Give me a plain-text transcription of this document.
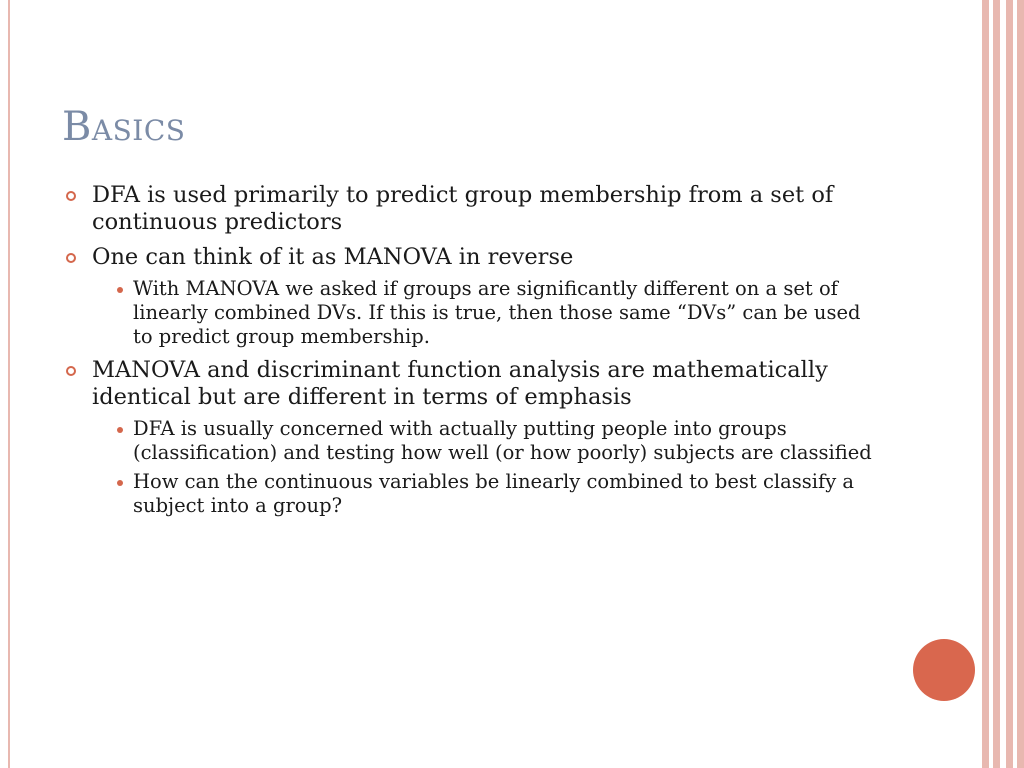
Basics
DFA is used primarily to predict group membership from a set of continuous predictors
One can think of it as MANOVA in reverse
With MANOVA we asked if groups are significantly different on a set of linearly combined DVs. If this is true, then those same “DVs” can be used to predict group membership.
MANOVA and discriminant function analysis are mathematically identical but are different in terms of emphasis
DFA is usually concerned with actually putting people into groups (classification) and testing how well (or how poorly) subjects are classified
How can the continuous variables be linearly combined to best classify a subject into a group?
